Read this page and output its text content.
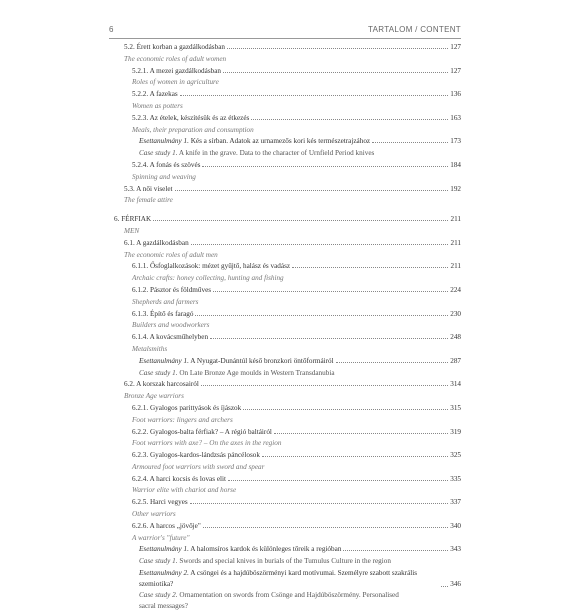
6	TARTALOM / CONTENT
5.2. Érett korban a gazdálkodásban	127
The economic roles of adult women
5.2.1. A mezei gazdálkodásban	127
Roles of women in agriculture
5.2.2. A fazekas	136
Women as potters
5.2.3. Az ételek, készítésük és az étkezés	163
Meals, their preparation and consumption
Esettanulmány 1. Kés a sírban. Adatok az urnamezős kori kés természetrajzához	173
Case study 1. A knife in the grave. Data to the character of Urnfield Period knives
5.2.4. A fonás és szövés	184
Spinning and weaving
5.3. A női viselet	192
The female attire
6. FÉRFIAK	211
MEN
6.1. A gazdálkodásban	211
The economic roles of adult men
6.1.1. Ősfoglalkozások: mézet gyűjtő, halász és vadász	211
Archaic crafts: honey collecting, hunting and fishing
6.1.2. Pásztor és földműves	224
Shepherds and farmers
6.1.3. Építő és faragó	230
Builders and woodworkers
6.1.4. A kovácsműhelyben	248
Metalsmiths
Esettanulmány 1. A Nyugat-Dunántúl késő bronzkori öntőformáiról	287
Case study 1. On Late Bronze Age moulds in Western Transdanubia
6.2. A korszak harcosairól	314
Bronze Age warriors
6.2.1. Gyalogos parittyások és íjászok	315
Foot warriors: lingers and archers
6.2.2. Gyalogos-balta férfiak? – A régió baltáiról	319
Foot warriors with axe? – On the axes in the region
6.2.3. Gyalogos-kardos-lándzsás páncélosok	325
Armoured foot warriors with sword and spear
6.2.4. A harci kocsis és lovas elit	335
Warrior elite with chariot and horse
6.2.5. Harci vegyes	337
Other warriors
6.2.6. A harcos „jövője"	340
A warrior's "future"
Esettanulmány 1. A halomsíros kardok és különleges tőreik a regióban	343
Case study 1. Swords and special knives in burials of the Tumulus Culture in the region
Esettanulmány 2. A csöngei és a hajdúböszörményi kard motívumai. Személyre szabott szakrális szemiotika?	346
Case study 2. Ornamentation on swords from Csönge and Hajdúböszörmény. Personalised sacral messages?
